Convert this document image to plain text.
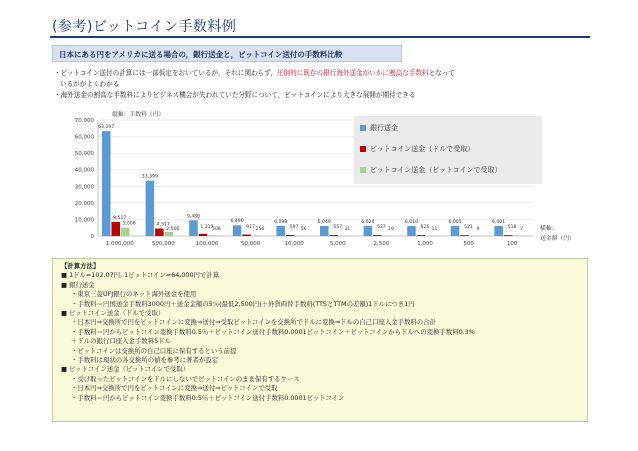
(参考)ビットコイン手数料例
日本にある円をアメリカに送る場合の，銀行送金と，ビットコイン送付の手数料比較
・ビットコイン送付の計算には一部仮定をおいているが，それに関わらず，圧倒的に既存の銀行海外送金がいかに割高な手数料となって
いるかがよくわかる
・海外送金の割高な手数料によりビジネス機会が失われていた分野について，ビットコインにより大きな展開が期待できる
0
10,000
20,000
30,000
40,000
50,000
60,000
70,000
縦軸：手数料（円）
横軸：
送金額（円）
63,297
8,517
5,006
1,000,000
33,399
4,517
2,506
500,000
9,480
1,317
506
100,000
6,490
917 256
50,000
6,098
597 56
10,000
6,049
557 31
5,000
6,024
537 19
2,500
6,010
525 11
1,000
6,005
521 9
500
6,001
518 7
100
銀行送金
ビットコイン送金（ドルで受取）
ビットコイン送金（ビットコインで受取）
【計算方法】
■ 1ドル=102.07円, 1ビットコイン=64,000円で計算
■ 銀行送金
・東京三菱UFJ銀行のネット海外送金を使用
・手数料＝円国送金手数料3000円＋送金金額の5％(最低2,500円)＋外貨両替手数料(TTSとTTMの差額)1ドルにつき1円
■ ビットコイン送金（ドルで受取）
・日本円⇒交換所で円をビットコインに変換⇒送付⇒受取ビットコインを交換所でドルに変換⇒ドルの自己口座入金手数料の合計
・手数料＝円からビットコイン変換手数料0.5％＋ビットコイン送付手数料0.0001ビットコイン＋ビットコインからドルへの変換手数料0.3%
＋ドルの銀行口座入金手数料5ドル
・ビットコインは交換所の自己口座に保有するという前提
・手数料は現状の各交換所の値を参考に著者が設定
■ ビットコイン送金（ビットコインで受取）
・受け取ったビットコインをドルにしないでビットコインのまま保有するケース
・日本円⇒交換所で円をビットコインに変換⇒送付⇒ビットコインで受取
・手数料＝円からビットコイン変換手数料0.5％＋ビットコイン送付手数料0.0001ビットコイン
